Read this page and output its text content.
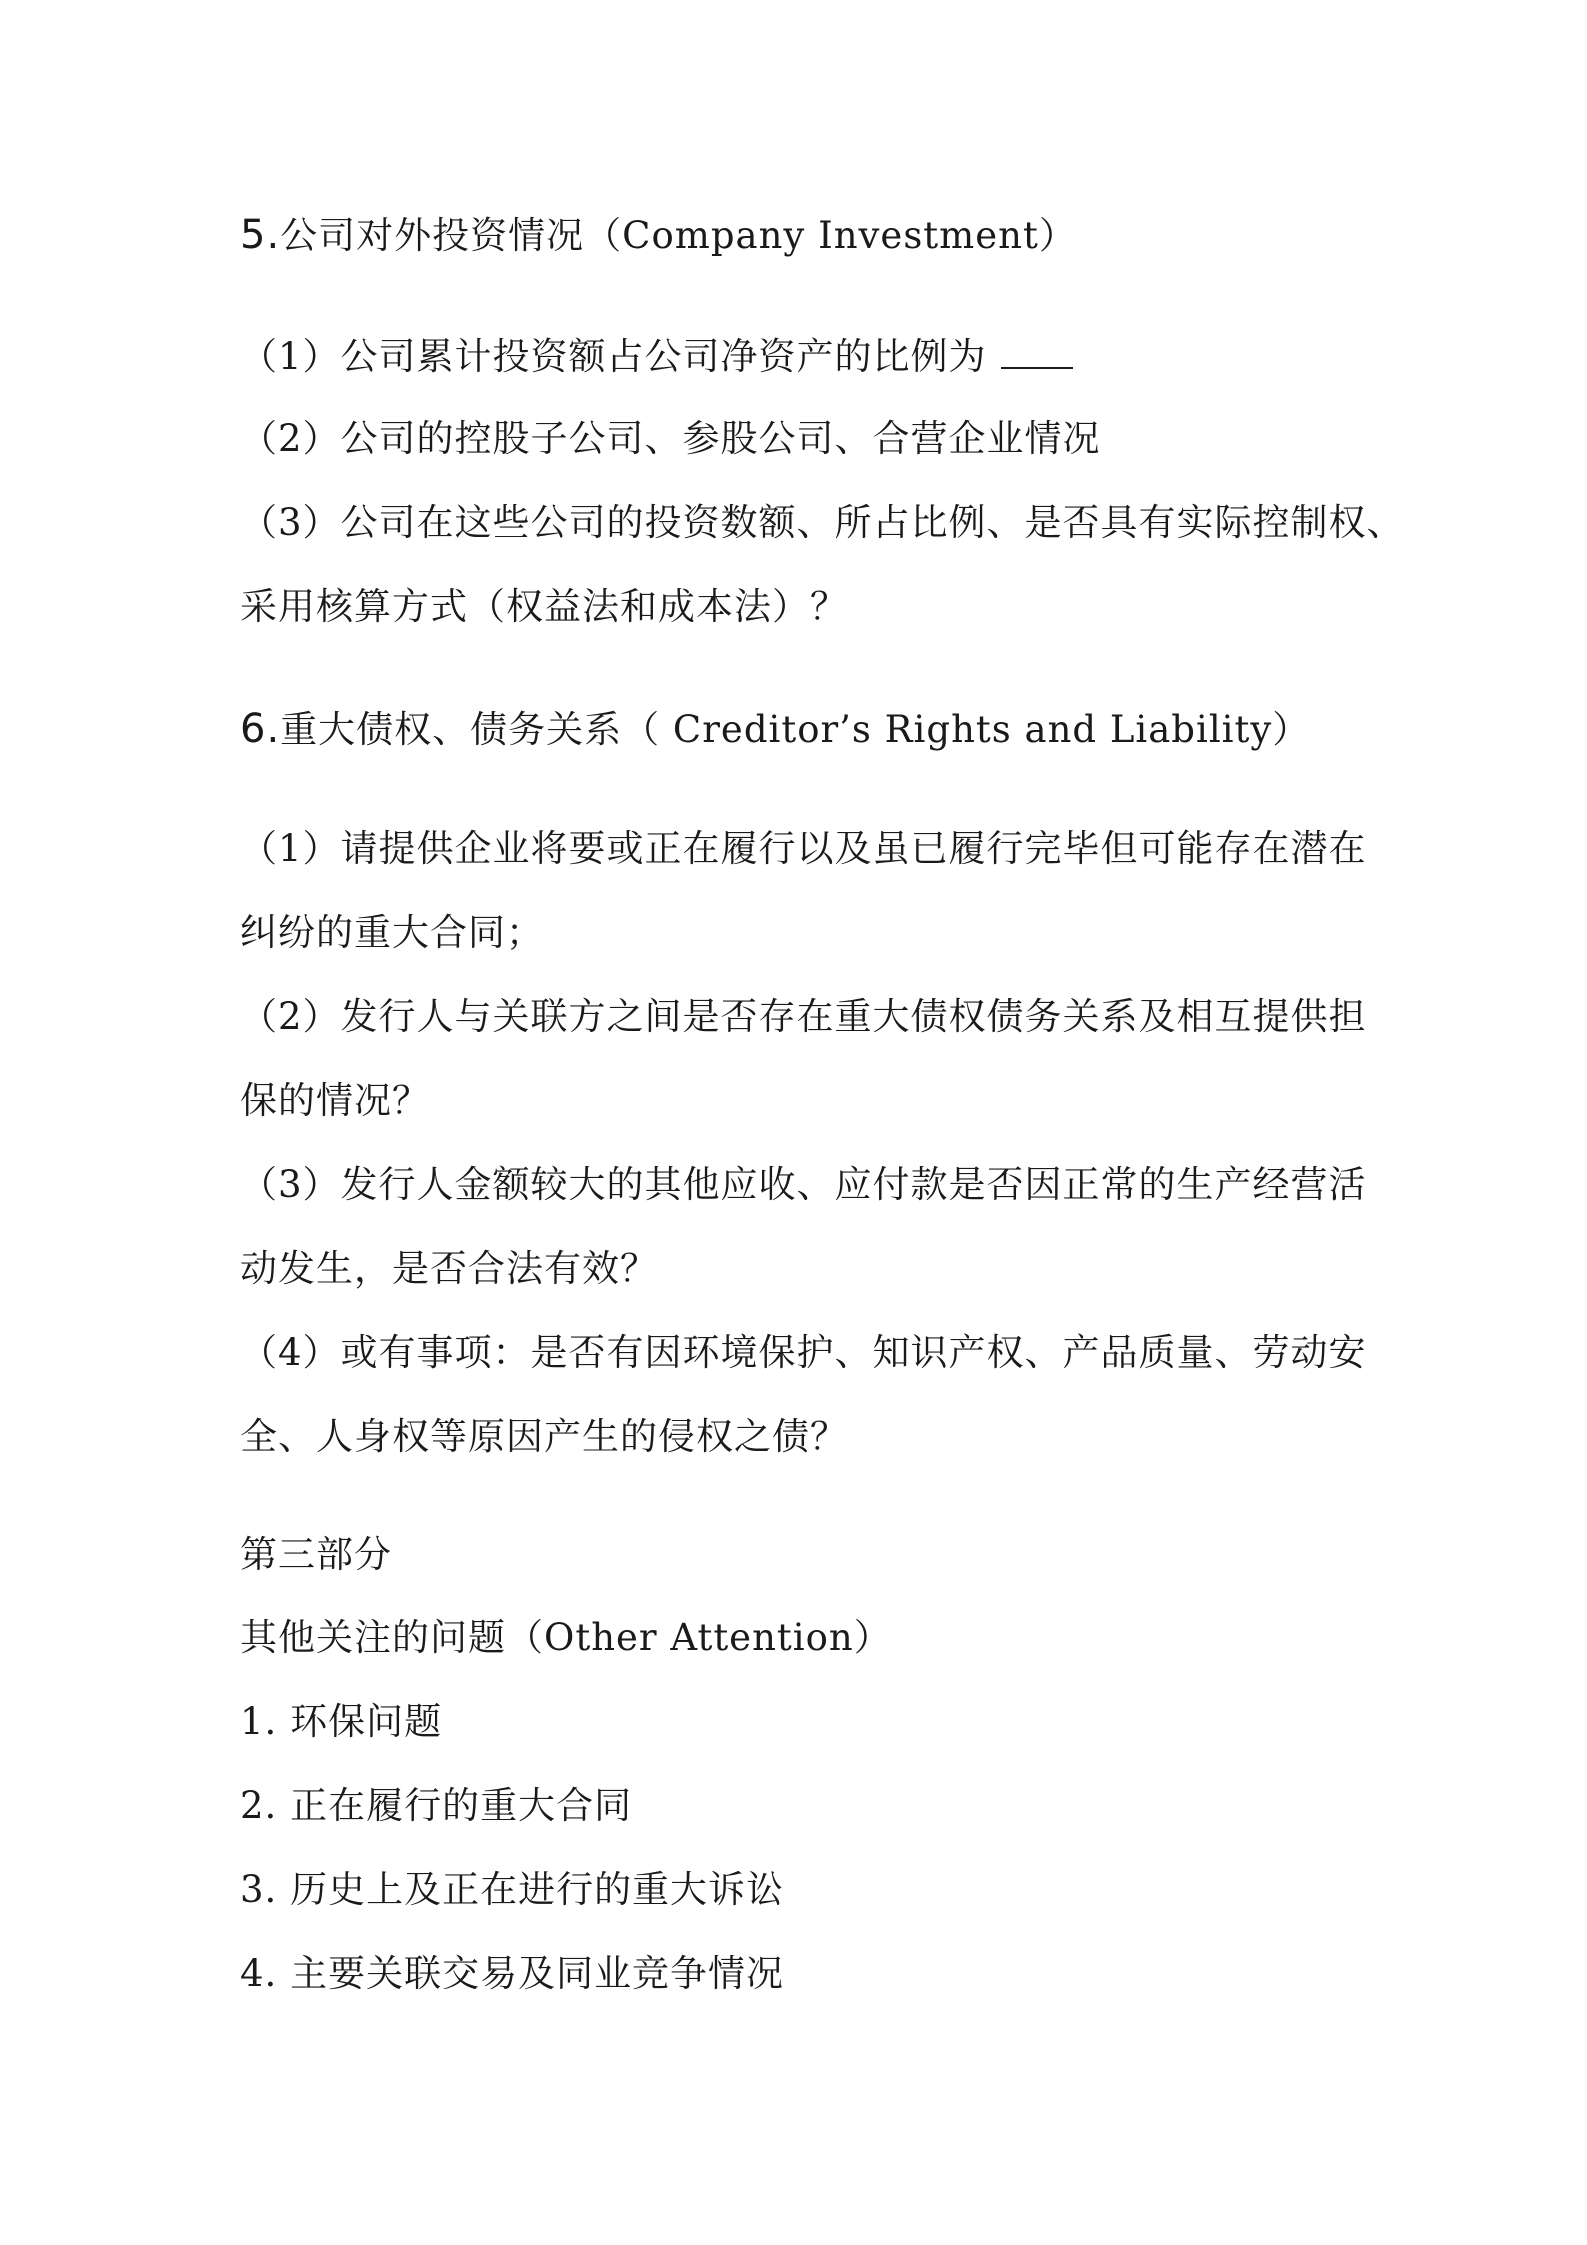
5.公司对外投资情况（Company Investment）
（1）公司累计投资额占公司净资产的比例为
（2）公司的控股子公司、参股公司、合营企业情况
（3）公司在这些公司的投资数额、所占比例、是否具有实际控制权、
采用核算方式（权益法和成本法）？
6.重大债权、债务关系（ Creditor’s Rights and Liability）
（1）请提供企业将要或正在履行以及虽已履行完毕但可能存在潜在
纠纷的重大合同；
（2）发行人与关联方之间是否存在重大债权债务关系及相互提供担
保的情况？
（3）发行人金额较大的其他应收、应付款是否因正常的生产经营活
动发生，是否合法有效？
（4）或有事项：是否有因环境保护、知识产权、产品质量、劳动安
全、人身权等原因产生的侵权之债？
第三部分
其他关注的问题（Other Attention）
1. 环保问题
2. 正在履行的重大合同
3. 历史上及正在进行的重大诉讼
4. 主要关联交易及同业竞争情况
